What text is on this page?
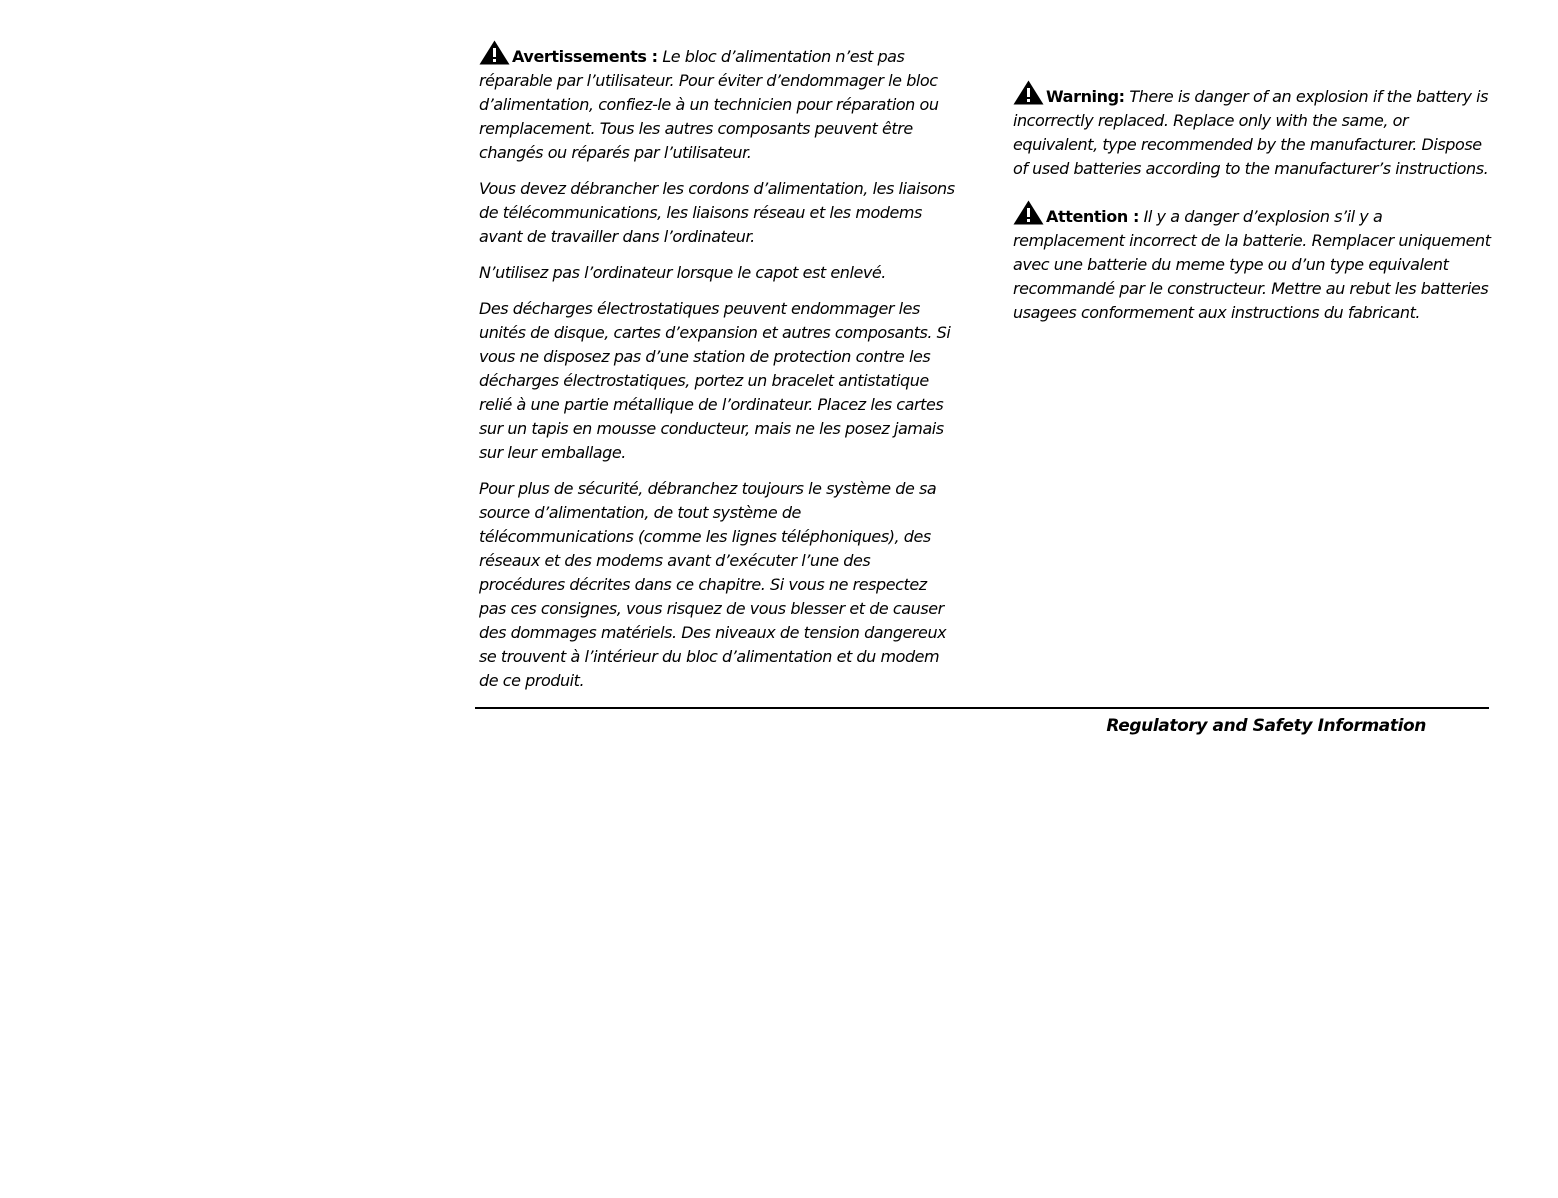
Avertissements : Le bloc d’alimentation n’est pas réparable par l’utilisateur. Pour éviter d’endommager le bloc d’alimentation, confiez-le à un technicien pour réparation ou remplacement. Tous les autres composants peuvent être changés ou réparés par l’utilisateur.

Vous devez débrancher les cordons d’alimentation, les liaisons de télécommunications, les liaisons réseau et les modems avant de travailler dans l’ordinateur.

N’utilisez pas l’ordinateur lorsque le capot est enlevé.

Des décharges électrostatiques peuvent endommager les unités de disque, cartes d’expansion et autres composants. Si vous ne disposez pas d’une station de protection contre les décharges électrostatiques, portez un bracelet antistatique relié à une partie métallique de l’ordinateur. Placez les cartes sur un tapis en mousse conducteur, mais ne les posez jamais sur leur emballage.

Pour plus de sécurité, débranchez toujours le système de sa source d’alimentation, de tout système de télécommunications (comme les lignes téléphoniques), des réseaux et des modems avant d’exécuter l’une des procédures décrites dans ce chapitre. Si vous ne respectez pas ces consignes, vous risquez de vous blesser et de causer des dommages matériels. Des niveaux de tension dangereux se trouvent à l’intérieur du bloc d’alimentation et du modem de ce produit.

Warning: There is danger of an explosion if the battery is incorrectly replaced. Replace only with the same, or equivalent, type recommended by the manufacturer. Dispose of used batteries according to the manufacturer’s instructions.

Attention : Il y a danger d’explosion s’il y a remplacement incorrect de la batterie. Remplacer uniquement avec une batterie du meme type ou d’un type equivalent recommandé par le constructeur. Mettre au rebut les batteries usagees conformement aux instructions du fabricant.

Regulatory and Safety Information
